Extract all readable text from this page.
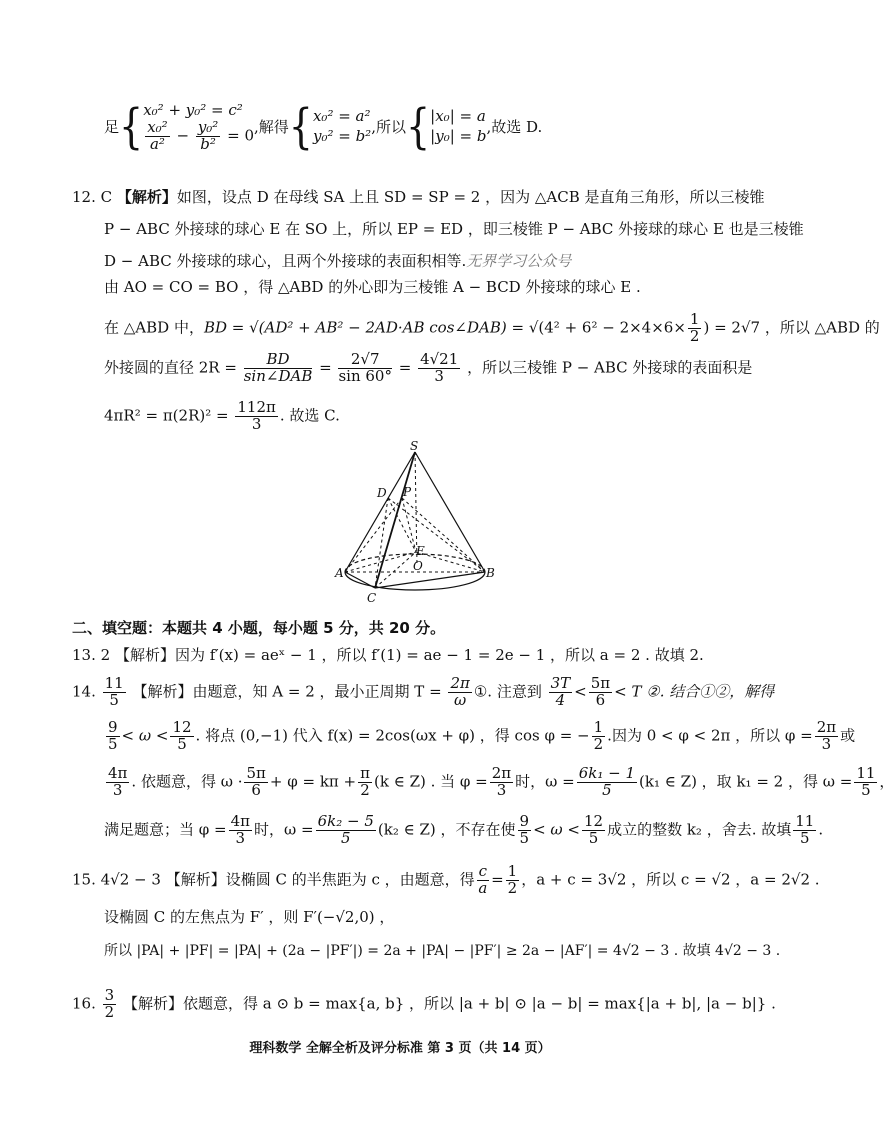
足{x₀² + y₀² = c²

$\frac{\text{x₀²}}{\text{a²}} - \frac{\text{y₀²}}{\text{b²}} = 0$,解得{x₀² = a²
y₀² = b²,所以{|x₀| = a
|y₀| = b,故选 D.
12. C 【解析】如图，设点 D 在母线 SA 上且 SD = SP = 2 ，因为 △ACB 是直角三角形，所以三棱锥
P − ABC 外接球的球心 E 在 SO 上，所以 EP = ED ，即三棱锥 P − ABC 外接球的球心 E 也是三棱锥
D − ABC 外接球的球心，且两个外接球的表面积相等.无界学习公众号
由 AO = CO = BO ，得 △ABD 的外心即为三棱锥 A − BCD 外接球的球心 E .
在 △ABD 中，BD = √(AD² + AB² − 2AD·AB cos∠DAB) = $√(4^2 + 6^2 - 2\times 4\times 6\times \frac{1}{2}$ ) = 2√7 ，所以 △ABD 的
外接圆的直径 $2R = \frac{BD}{\text{sin∠DAB}} = \frac{2√7}{\sin 60^\circ} = \frac{4√21}{3}$ ，所以三棱锥 P − ABC 外接球的表面积是
$4\pi R^2 = \pi(2R)^2 = \frac{112\pi}{3}$ . 故选 C.
S
D P
E
O
A	B
C
二、填空题：本题共 4 小题，每小题 5 分，共 20 分。
13. 2 【解析】因为 f′(x) = aeˣ − 1 ，所以 f′(1) = ae − 1 = 2e − 1 ，所以 a = 2 . 故填 2.
14. $\frac{11}{5}$ 【解析】由题意，知 A = 2 ，最小正周期 $T = \frac{2\pi}{\omega}$ ①. 注意到 $\frac{3T}{4} < \frac{5\pi}{6} < T$ ②. 结合①②，解得
$\frac{9}{5} < \omega < \frac{12}{5}$ . 将点 (0,−1) 代入 f(x) = 2cos(ωx + φ) ，得 cos φ = − $\frac{1}{2}$ .因为 0 < φ < 2π ，所以 $\varphi = \frac{2\pi}{3}$ 或
$\frac{4\pi}{3}$ . 依题意，得 $\omega \cdot \frac{5\pi}{6} + \varphi = k\pi + \frac{\pi}{2} (k$ ∈ Z) . 当 $\varphi = \frac{2\pi}{3}$ 时，$\omega = \frac{\text{6k₁ − 1}}{5} (k_1$ ∈ Z) ，取 k₁ = 2 ，得 $\omega = \frac{11}{5}$ ，
满足题意；当 $\varphi = \frac{4\pi}{3}$ 时，$\omega = \frac{\text{6k₂ − 5}}{5} (k_2$ ∈ Z) ，不存在使 $\frac{9}{5} < \omega < \frac{12}{5}$ 成立的整数 k₂ ，舍去. 故填 $\frac{11}{5}$ .
15. 4√2 − 3 【解析】设椭圆 C 的半焦距为 c ，由题意，得 $\frac{c}{a} = \frac{1}{2}$ ，a + c = 3√2 ，所以 c = √2 ，a = 2√2 .
设椭圆 C 的左焦点为 F′ ，则 F′(−√2,0) ，
所以 |PA| + |PF| = |PA| + (2a − |PF′|) = 2a + |PA| − |PF′| ≥ 2a − |AF′| = 4√2 − 3 . 故填 4√2 − 3 .
16. $\frac{3}{2}$ 【解析】依题意，得 a ⊙ b = max{a, b} ，所以 |a + b| ⊙ |a − b| = max{|a + b|, |a − b|} .
理科数学 全解全析及评分标准 第 3 页（共 14 页）
